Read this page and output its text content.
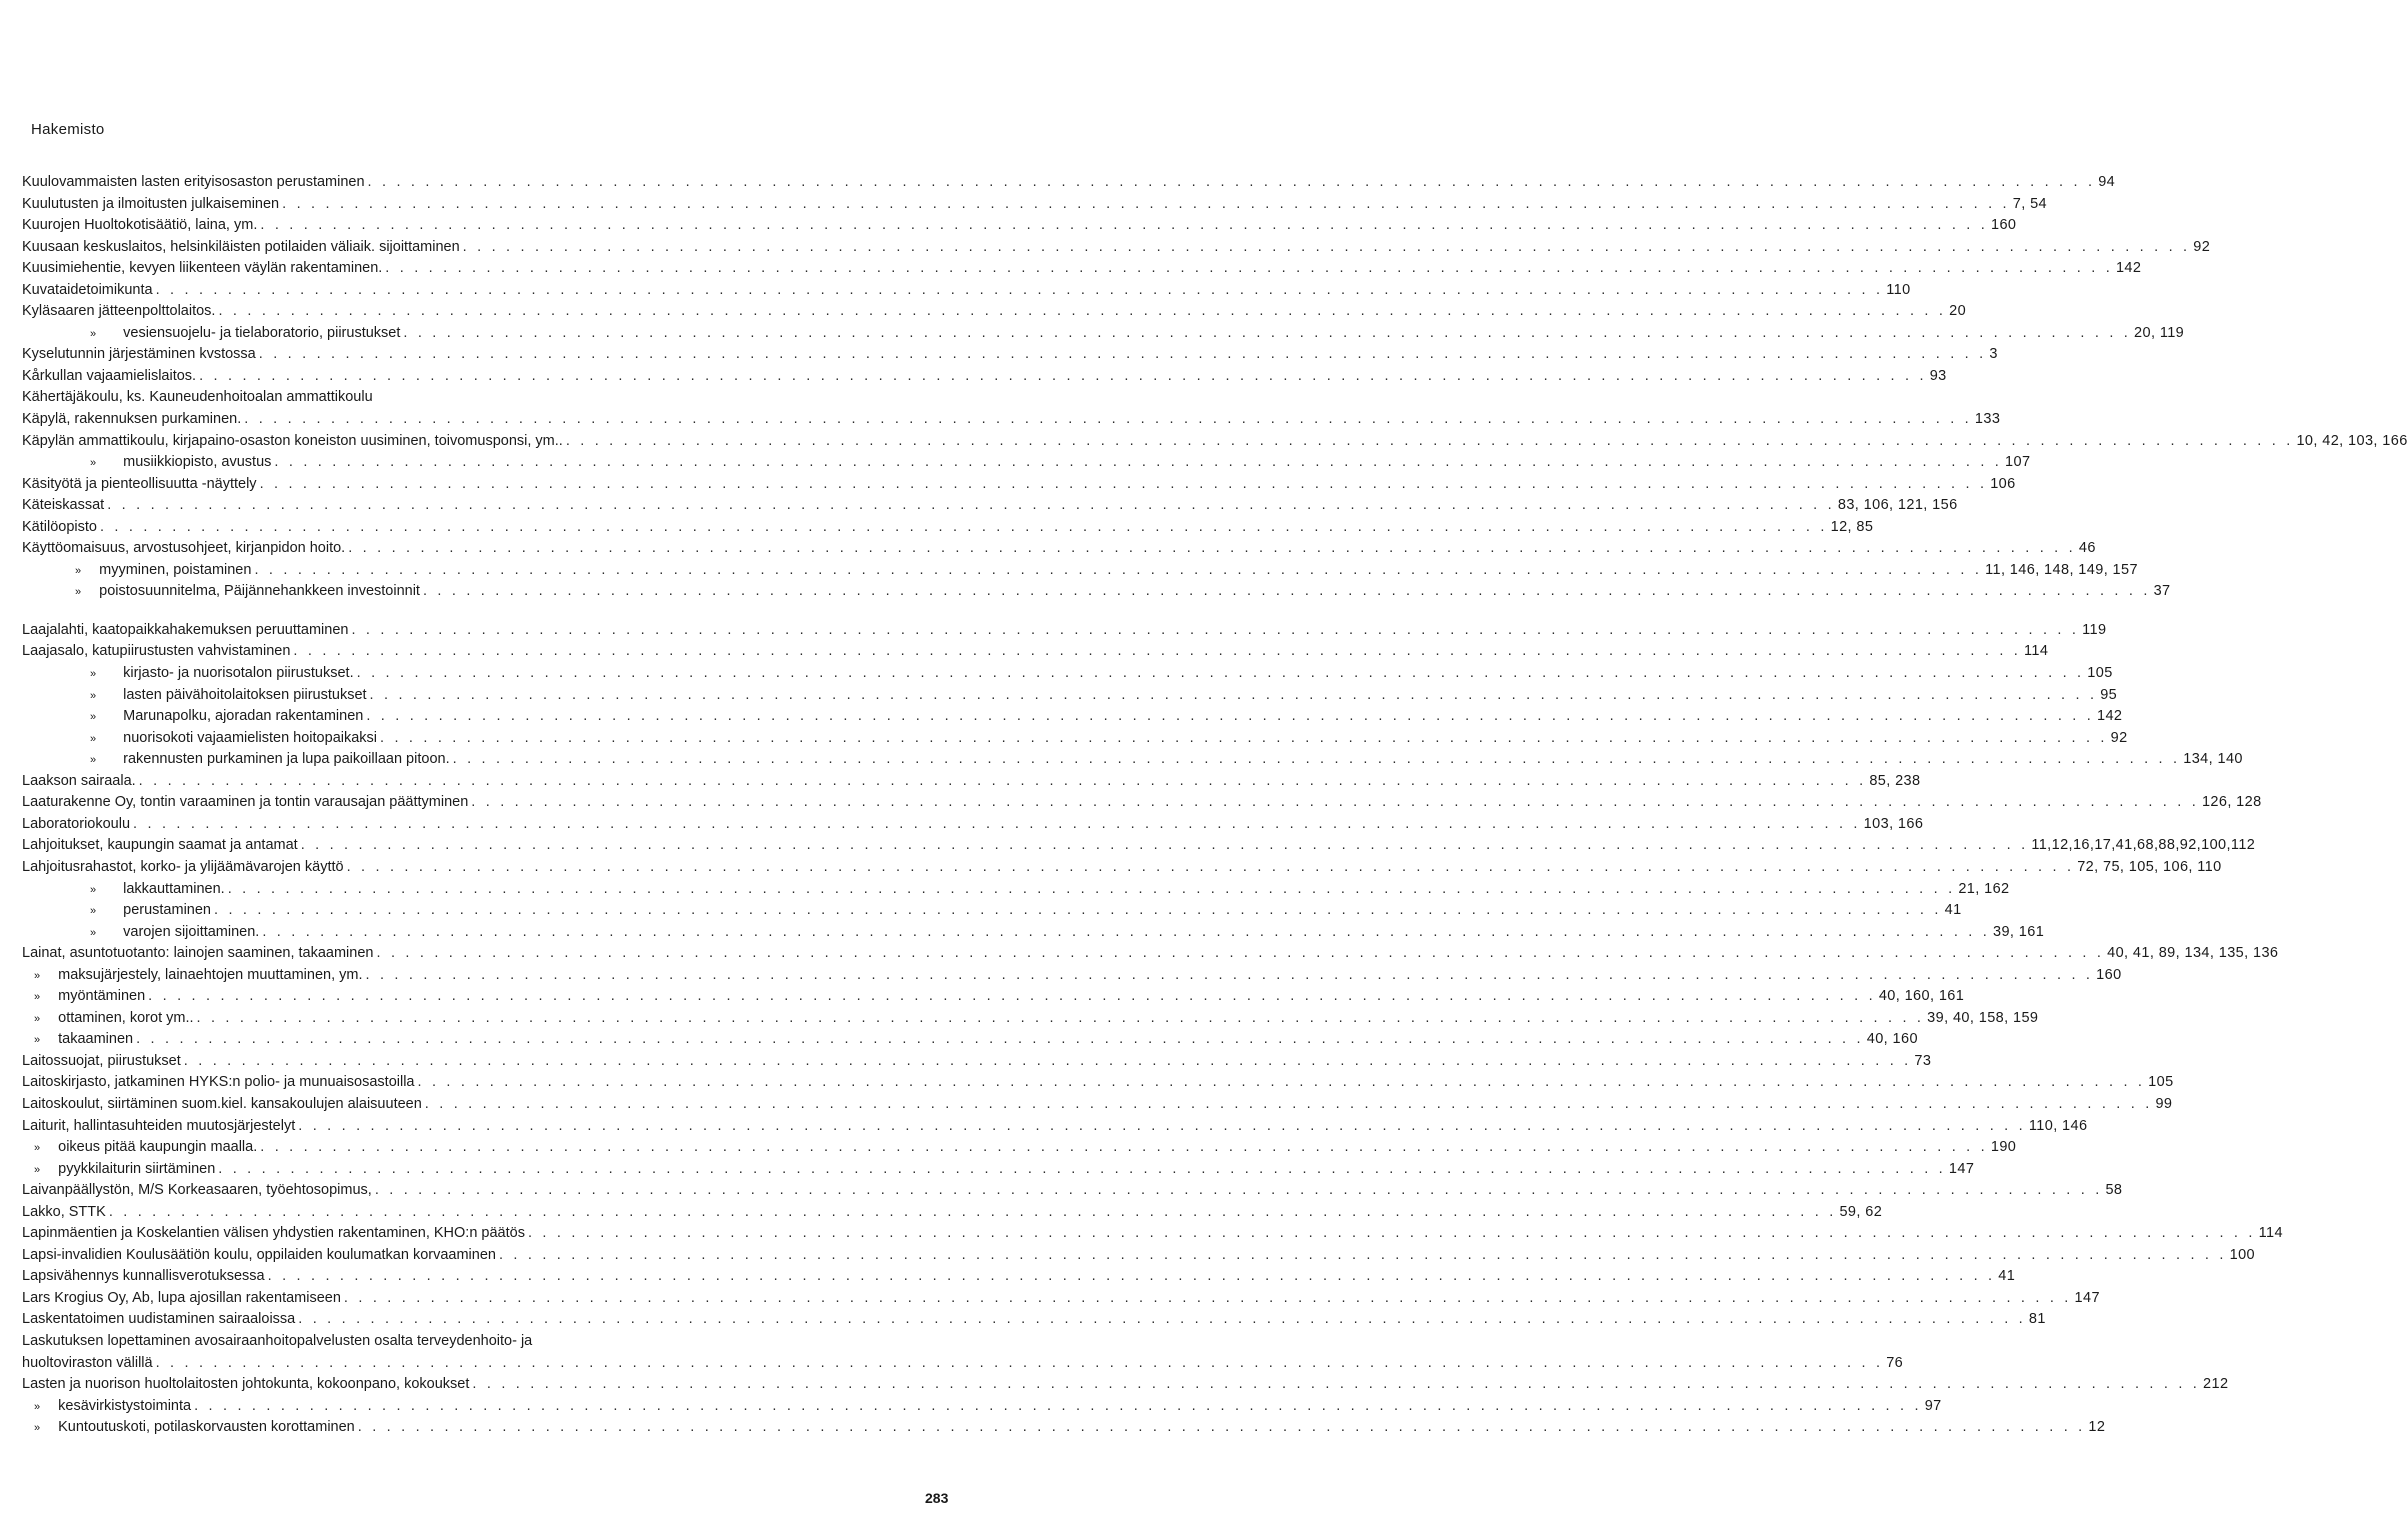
Hakemisto
Kuulovammaisten lasten erityisosaston perustaminen . . . . . . . . . . . . . . . . . . . . . . . . . . . . . . . . . . . . . . . . . . . . . . . . . . . . . . . . . . . . . . . . . . . . . . . . . . . . . . . . . . . . . . . . . . . . . . . . . . . . . . . . . . . . . . . . . . . . . . . . 94
Kuulutusten ja ilmoitusten julkaiseminen . . . . . . . . . . . . . . . . . . . . . . . . . . . . . . . . . . . . . . . . . . . . . . . . . . . . . . . . . . . . . . . . . . . . . . . . . . . . . . . . . . . . . . . . . . . . . . . . . . . . . . . . . . . . . . . . . . . . . . . . 7, 54
Kuurojen Huoltokotisäätiö, laina, ym. . . . . . . . . . . . . . . . . . . . . . . . . . . . . . . . . . . . . . . . . . . . . . . . . . . . . . . . . . . . . . . . . . . . . . . . . . . . . . . . . . . . . . . . . . . . . . . . . . . . . . . . . . . . . . . . . . . . . . . . . 160
Kuusaan keskuslaitos, helsinkiläisten potilaiden väliaik. sijoittaminen . . . . . . . . . . . . . . . . . . . . . . . . . . . . . . . . . . . . . . . . . . . . . . . . . . . . . . . . . . . . . . . . . . . . . . . . . . . . . . . . . . . . . . . . . . . . . . . . . . . . . . . . . . . . . . . . . . . . . . . . 92
Kuusimiehentie, kevyen liikenteen väylän rakentaminen. . . . . . . . . . . . . . . . . . . . . . . . . . . . . . . . . . . . . . . . . . . . . . . . . . . . . . . . . . . . . . . . . . . . . . . . . . . . . . . . . . . . . . . . . . . . . . . . . . . . . . . . . . . . . . . . . . . . . . . . . 142
Kuvataidetoimikunta . . . . . . . . . . . . . . . . . . . . . . . . . . . . . . . . . . . . . . . . . . . . . . . . . . . . . . . . . . . . . . . . . . . . . . . . . . . . . . . . . . . . . . . . . . . . . . . . . . . . . . . . . . . . . . . . . . . . . . . . 110
Kyläsaaren jätteenpolttolaitos. . . . . . . . . . . . . . . . . . . . . . . . . . . . . . . . . . . . . . . . . . . . . . . . . . . . . . . . . . . . . . . . . . . . . . . . . . . . . . . . . . . . . . . . . . . . . . . . . . . . . . . . . . . . . . . . . . . . . . . . . 20
» vesiensuojelu- ja tielaboratorio, piirustukset . . . . . . . . . . . . . . . . . . . . . . . . . . . . . . . . . . . . . . . . . . . . . . . . . . . . . . . . . . . . . . . . . . . . . . . . . . . . . . . . . . . . . . . . . . . . . . . . . . . . . . . . . . . . . . . . . . . . . . . . 20, 119
Kyselutunnin järjestäminen kvstossa . . . . . . . . . . . . . . . . . . . . . . . . . . . . . . . . . . . . . . . . . . . . . . . . . . . . . . . . . . . . . . . . . . . . . . . . . . . . . . . . . . . . . . . . . . . . . . . . . . . . . . . . . . . . . . . . . . . . . . . . 3
Kårkullan vajaamielislaitos. . . . . . . . . . . . . . . . . . . . . . . . . . . . . . . . . . . . . . . . . . . . . . . . . . . . . . . . . . . . . . . . . . . . . . . . . . . . . . . . . . . . . . . . . . . . . . . . . . . . . . . . . . . . . . . . . . . . . . . . . 93
Kähertäjäkoulu, ks. Kauneudenhoitoalan ammattikoulu
Käpylä, rakennuksen purkaminen. . . . . . . . . . . . . . . . . . . . . . . . . . . . . . . . . . . . . . . . . . . . . . . . . . . . . . . . . . . . . . . . . . . . . . . . . . . . . . . . . . . . . . . . . . . . . . . . . . . . . . . . . . . . . . . . . . . . . . . . . 133
Käpylän ammattikoulu, kirjapaino-osaston koneiston uusiminen, toivomusponsi, ym.. . . . . . . . . . . . . . . . . . . . . . . . . . . . . . . . . . . . . . . . . . . . . . . . . . . . . . . . . . . . . . . . . . . . . . . . . . . . . . . . . . . . . . . . . . . . . . . . . . . . . . . . . . . . . . . . . . . . . . . . . 10, 42, 103, 166
» musiikkiopisto, avustus . . . . . . . . . . . . . . . . . . . . . . . . . . . . . . . . . . . . . . . . . . . . . . . . . . . . . . . . . . . . . . . . . . . . . . . . . . . . . . . . . . . . . . . . . . . . . . . . . . . . . . . . . . . . . . . . . . . . . . . . 107
Käsityötä ja pienteollisuutta -näyttely . . . . . . . . . . . . . . . . . . . . . . . . . . . . . . . . . . . . . . . . . . . . . . . . . . . . . . . . . . . . . . . . . . . . . . . . . . . . . . . . . . . . . . . . . . . . . . . . . . . . . . . . . . . . . . . . . . . . . . . . 106
Käteiskassat . . . . . . . . . . . . . . . . . . . . . . . . . . . . . . . . . . . . . . . . . . . . . . . . . . . . . . . . . . . . . . . . . . . . . . . . . . . . . . . . . . . . . . . . . . . . . . . . . . . . . . . . . . . . . . . . . . . . . . . . 83, 106, 121, 156
Kätilöopisto . . . . . . . . . . . . . . . . . . . . . . . . . . . . . . . . . . . . . . . . . . . . . . . . . . . . . . . . . . . . . . . . . . . . . . . . . . . . . . . . . . . . . . . . . . . . . . . . . . . . . . . . . . . . . . . . . . . . . . . . 12, 85
Käyttöomaisuus, arvostusohjeet, kirjanpidon hoito. . . . . . . . . . . . . . . . . . . . . . . . . . . . . . . . . . . . . . . . . . . . . . . . . . . . . . . . . . . . . . . . . . . . . . . . . . . . . . . . . . . . . . . . . . . . . . . . . . . . . . . . . . . . . . . . . . . . . . . . . 46
» myyminen, poistaminen . . . . . . . . . . . . . . . . . . . . . . . . . . . . . . . . . . . . . . . . . . . . . . . . . . . . . . . . . . . . . . . . . . . . . . . . . . . . . . . . . . . . . . . . . . . . . . . . . . . . . . . . . . . . . . . . . . . . . . . . 11, 146, 148, 149, 157
» poistosuunnitelma, Päijännehankkeen investoinnit . . . . . . . . . . . . . . . . . . . . . . . . . . . . . . . . . . . . . . . . . . . . . . . . . . . . . . . . . . . . . . . . . . . . . . . . . . . . . . . . . . . . . . . . . . . . . . . . . . . . . . . . . . . . . . . . . . . . . . . . 37
Laajalahti, kaatopaikkahakemuksen peruuttaminen . . . . . . . . . . . . . . . . . . . . . . . . . . . . . . . . . . . . . . . . . . . . . . . . . . . . . . . . . . . . . . . . . . . . . . . . . . . . . . . . . . . . . . . . . . . . . . . . . . . . . . . . . . . . . . . . . . . . . . . . 119
Laajasalo, katupiirustusten vahvistaminen . . . . . . . . . . . . . . . . . . . . . . . . . . . . . . . . . . . . . . . . . . . . . . . . . . . . . . . . . . . . . . . . . . . . . . . . . . . . . . . . . . . . . . . . . . . . . . . . . . . . . . . . . . . . . . . . . . . . . . . . 114
» kirjasto- ja nuorisotalon piirustukset. . . . . . . . . . . . . . . . . . . . . . . . . . . . . . . . . . . . . . . . . . . . . . . . . . . . . . . . . . . . . . . . . . . . . . . . . . . . . . . . . . . . . . . . . . . . . . . . . . . . . . . . . . . . . . . . . . . . . . . . . 105
» lasten päivähoitolaitoksen piirustukset . . . . . . . . . . . . . . . . . . . . . . . . . . . . . . . . . . . . . . . . . . . . . . . . . . . . . . . . . . . . . . . . . . . . . . . . . . . . . . . . . . . . . . . . . . . . . . . . . . . . . . . . . . . . . . . . . . . . . . . . 95
» Marunapolku, ajoradan rakentaminen . . . . . . . . . . . . . . . . . . . . . . . . . . . . . . . . . . . . . . . . . . . . . . . . . . . . . . . . . . . . . . . . . . . . . . . . . . . . . . . . . . . . . . . . . . . . . . . . . . . . . . . . . . . . . . . . . . . . . . . . 142
» nuorisokoti vajaamielisten hoitopaikaksi . . . . . . . . . . . . . . . . . . . . . . . . . . . . . . . . . . . . . . . . . . . . . . . . . . . . . . . . . . . . . . . . . . . . . . . . . . . . . . . . . . . . . . . . . . . . . . . . . . . . . . . . . . . . . . . . . . . . . . . . 92
» rakennusten purkaminen ja lupa paikoillaan pitoon. . . . . . . . . . . . . . . . . . . . . . . . . . . . . . . . . . . . . . . . . . . . . . . . . . . . . . . . . . . . . . . . . . . . . . . . . . . . . . . . . . . . . . . . . . . . . . . . . . . . . . . . . . . . . . . . . . . . . . . . . 134, 140
Laakson sairaala. . . . . . . . . . . . . . . . . . . . . . . . . . . . . . . . . . . . . . . . . . . . . . . . . . . . . . . . . . . . . . . . . . . . . . . . . . . . . . . . . . . . . . . . . . . . . . . . . . . . . . . . . . . . . . . . . . . . . . . . . 85, 238
Laaturakenne Oy, tontin varaaminen ja tontin varausajan päättyminen . . . . . . . . . . . . . . . . . . . . . . . . . . . . . . . . . . . . . . . . . . . . . . . . . . . . . . . . . . . . . . . . . . . . . . . . . . . . . . . . . . . . . . . . . . . . . . . . . . . . . . . . . . . . . . . . . . . . . . . . 126, 128
Laboratoriokoulu . . . . . . . . . . . . . . . . . . . . . . . . . . . . . . . . . . . . . . . . . . . . . . . . . . . . . . . . . . . . . . . . . . . . . . . . . . . . . . . . . . . . . . . . . . . . . . . . . . . . . . . . . . . . . . . . . . . . . . . . 103, 166
Lahjoitukset, kaupungin saamat ja antamat . . . . . . . . . . . . . . . . . . . . . . . . . . . . . . . . . . . . . . . . . . . . . . . . . . . . . . . . . . . . . . . . . . . . . . . . . . . . . . . . . . . . . . . . . . . . . . . . . . . . . . . . . . . . . . . . . . . . . . . . 11,12,16,17,41,68,88,92,100,112
Lahjoitusrahastot, korko- ja ylijäämävarojen käyttö . . . . . . . . . . . . . . . . . . . . . . . . . . . . . . . . . . . . . . . . . . . . . . . . . . . . . . . . . . . . . . . . . . . . . . . . . . . . . . . . . . . . . . . . . . . . . . . . . . . . . . . . . . . . . . . . . . . . . . . . 72, 75, 105, 106, 110
» lakkauttaminen. . . . . . . . . . . . . . . . . . . . . . . . . . . . . . . . . . . . . . . . . . . . . . . . . . . . . . . . . . . . . . . . . . . . . . . . . . . . . . . . . . . . . . . . . . . . . . . . . . . . . . . . . . . . . . . . . . . . . . . . . 21, 162
» perustaminen . . . . . . . . . . . . . . . . . . . . . . . . . . . . . . . . . . . . . . . . . . . . . . . . . . . . . . . . . . . . . . . . . . . . . . . . . . . . . . . . . . . . . . . . . . . . . . . . . . . . . . . . . . . . . . . . . . . . . . . . 41
» varojen sijoittaminen. . . . . . . . . . . . . . . . . . . . . . . . . . . . . . . . . . . . . . . . . . . . . . . . . . . . . . . . . . . . . . . . . . . . . . . . . . . . . . . . . . . . . . . . . . . . . . . . . . . . . . . . . . . . . . . . . . . . . . . . . 39, 161
Lainat, asuntotuotanto: lainojen saaminen, takaaminen . . . . . . . . . . . . . . . . . . . . . . . . . . . . . . . . . . . . . . . . . . . . . . . . . . . . . . . . . . . . . . . . . . . . . . . . . . . . . . . . . . . . . . . . . . . . . . . . . . . . . . . . . . . . . . . . . . . . . . . . 40, 41, 89, 134, 135, 136
» maksujärjestely, lainaehtojen muuttaminen, ym. . . . . . . . . . . . . . . . . . . . . . . . . . . . . . . . . . . . . . . . . . . . . . . . . . . . . . . . . . . . . . . . . . . . . . . . . . . . . . . . . . . . . . . . . . . . . . . . . . . . . . . . . . . . . . . . . . . . . . . . . 160
» myöntäminen . . . . . . . . . . . . . . . . . . . . . . . . . . . . . . . . . . . . . . . . . . . . . . . . . . . . . . . . . . . . . . . . . . . . . . . . . . . . . . . . . . . . . . . . . . . . . . . . . . . . . . . . . . . . . . . . . . . . . . . . 40, 160, 161
» ottaminen, korot ym.. . . . . . . . . . . . . . . . . . . . . . . . . . . . . . . . . . . . . . . . . . . . . . . . . . . . . . . . . . . . . . . . . . . . . . . . . . . . . . . . . . . . . . . . . . . . . . . . . . . . . . . . . . . . . . . . . . . . . . . . . 39, 40, 158, 159
» takaaminen . . . . . . . . . . . . . . . . . . . . . . . . . . . . . . . . . . . . . . . . . . . . . . . . . . . . . . . . . . . . . . . . . . . . . . . . . . . . . . . . . . . . . . . . . . . . . . . . . . . . . . . . . . . . . . . . . . . . . . . . 40, 160
Laitossuojat, piirustukset . . . . . . . . . . . . . . . . . . . . . . . . . . . . . . . . . . . . . . . . . . . . . . . . . . . . . . . . . . . . . . . . . . . . . . . . . . . . . . . . . . . . . . . . . . . . . . . . . . . . . . . . . . . . . . . . . . . . . . . . 73
Laitoskirjasto, jatkaminen HYKS:n polio- ja munuaisosastoilla . . . . . . . . . . . . . . . . . . . . . . . . . . . . . . . . . . . . . . . . . . . . . . . . . . . . . . . . . . . . . . . . . . . . . . . . . . . . . . . . . . . . . . . . . . . . . . . . . . . . . . . . . . . . . . . . . . . . . . . . 105
Laitoskoulut, siirtäminen suom.kiel. kansakoulujen alaisuuteen . . . . . . . . . . . . . . . . . . . . . . . . . . . . . . . . . . . . . . . . . . . . . . . . . . . . . . . . . . . . . . . . . . . . . . . . . . . . . . . . . . . . . . . . . . . . . . . . . . . . . . . . . . . . . . . . . . . . . . . . 99
Laiturit, hallintasuhteiden muutosjärjestelyt . . . . . . . . . . . . . . . . . . . . . . . . . . . . . . . . . . . . . . . . . . . . . . . . . . . . . . . . . . . . . . . . . . . . . . . . . . . . . . . . . . . . . . . . . . . . . . . . . . . . . . . . . . . . . . . . . . . . . . . . 110, 146
» oikeus pitää kaupungin maalla. . . . . . . . . . . . . . . . . . . . . . . . . . . . . . . . . . . . . . . . . . . . . . . . . . . . . . . . . . . . . . . . . . . . . . . . . . . . . . . . . . . . . . . . . . . . . . . . . . . . . . . . . . . . . . . . . . . . . . . . . 190
» pyykkilaiturin siirtäminen . . . . . . . . . . . . . . . . . . . . . . . . . . . . . . . . . . . . . . . . . . . . . . . . . . . . . . . . . . . . . . . . . . . . . . . . . . . . . . . . . . . . . . . . . . . . . . . . . . . . . . . . . . . . . . . . . . . . . . . . 147
Laivanpäällystön, M/S Korkeasaaren, työehtosopimus, . . . . . . . . . . . . . . . . . . . . . . . . . . . . . . . . . . . . . . . . . . . . . . . . . . . . . . . . . . . . . . . . . . . . . . . . . . . . . . . . . . . . . . . . . . . . . . . . . . . . . . . . . . . . . . . . . . . . . . . . 58
Lakko, STTK . . . . . . . . . . . . . . . . . . . . . . . . . . . . . . . . . . . . . . . . . . . . . . . . . . . . . . . . . . . . . . . . . . . . . . . . . . . . . . . . . . . . . . . . . . . . . . . . . . . . . . . . . . . . . . . . . . . . . . . . 59, 62
Lapinmäentien ja Koskelantien välisen yhdystien rakentaminen, KHO:n päätös . . . . . . . . . . . . . . . . . . . . . . . . . . . . . . . . . . . . . . . . . . . . . . . . . . . . . . . . . . . . . . . . . . . . . . . . . . . . . . . . . . . . . . . . . . . . . . . . . . . . . . . . . . . . . . . . . . . . . . . . 114
Lapsi-invalidien Koulusäätiön koulu, oppilaiden koulumatkan korvaaminen . . . . . . . . . . . . . . . . . . . . . . . . . . . . . . . . . . . . . . . . . . . . . . . . . . . . . . . . . . . . . . . . . . . . . . . . . . . . . . . . . . . . . . . . . . . . . . . . . . . . . . . . . . . . . . . . . . . . . . . . 100
Lapsivähennys kunnallisverotuksessa . . . . . . . . . . . . . . . . . . . . . . . . . . . . . . . . . . . . . . . . . . . . . . . . . . . . . . . . . . . . . . . . . . . . . . . . . . . . . . . . . . . . . . . . . . . . . . . . . . . . . . . . . . . . . . . . . . . . . . . . 41
Lars Krogius Oy, Ab, lupa ajosillan rakentamiseen . . . . . . . . . . . . . . . . . . . . . . . . . . . . . . . . . . . . . . . . . . . . . . . . . . . . . . . . . . . . . . . . . . . . . . . . . . . . . . . . . . . . . . . . . . . . . . . . . . . . . . . . . . . . . . . . . . . . . . . . 147
Laskentatoimen uudistaminen sairaaloissa . . . . . . . . . . . . . . . . . . . . . . . . . . . . . . . . . . . . . . . . . . . . . . . . . . . . . . . . . . . . . . . . . . . . . . . . . . . . . . . . . . . . . . . . . . . . . . . . . . . . . . . . . . . . . . . . . . . . . . . . 81
Laskutuksen lopettaminen avosairaanhoitopalvelusten osalta terveydenhoito- ja
huoltoviraston välillä . . . . . . . . . . . . . . . . . . . . . . . . . . . . . . . . . . . . . . . . . . . . . . . . . . . . . . . . . . . . . . . . . . . . . . . . . . . . . . . . . . . . . . . . . . . . . . . . . . . . . . . . . . . . . . . . . . . . . . . . 76
Lasten ja nuorison huoltolaitosten johtokunta, kokoonpano, kokoukset . . . . . . . . . . . . . . . . . . . . . . . . . . . . . . . . . . . . . . . . . . . . . . . . . . . . . . . . . . . . . . . . . . . . . . . . . . . . . . . . . . . . . . . . . . . . . . . . . . . . . . . . . . . . . . . . . . . . . . . . 212
» kesävirkistystoiminta . . . . . . . . . . . . . . . . . . . . . . . . . . . . . . . . . . . . . . . . . . . . . . . . . . . . . . . . . . . . . . . . . . . . . . . . . . . . . . . . . . . . . . . . . . . . . . . . . . . . . . . . . . . . . . . . . . . . . . . . 97
» Kuntoutuskoti, potilaskorvausten korottaminen . . . . . . . . . . . . . . . . . . . . . . . . . . . . . . . . . . . . . . . . . . . . . . . . . . . . . . . . . . . . . . . . . . . . . . . . . . . . . . . . . . . . . . . . . . . . . . . . . . . . . . . . . . . . . . . . . . . . . . . . 12
283
